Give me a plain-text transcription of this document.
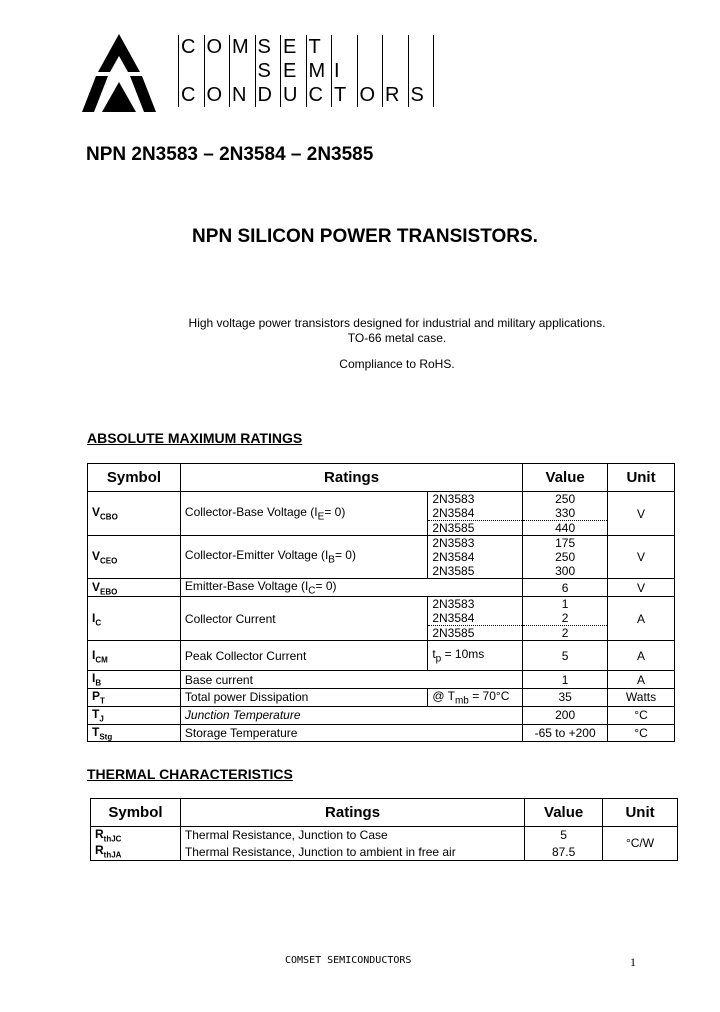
C O M S E T
S E M I
C O N D U C T O R S
NPN 2N3583 – 2N3584 – 2N3585
NPN SILICON POWER TRANSISTORS.
High voltage power transistors designed for industrial and military applications.
TO-66 metal case.
Compliance to RoHS.
ABSOLUTE MAXIMUM RATINGS
Symbol	Ratings		Value	Unit
$V_{CBO}$	Collector-Base Voltage $(I_E= 0)$	2N3583	250	V
		2N3584	330	
		2N3585	440	
$V_{CEO}$	Collector-Emitter Voltage $(I_B= 0)$	2N3583	175	V
		2N3584	250	
		2N3585	300	
$V_{EBO}$	Emitter-Base Voltage $(I_C= 0)$		6	V
$I_C$	Collector Current	2N3583	1	A
		2N3584	2	
		2N3585	2	
$I_{CM}$	Peak Collector Current	$t_p = 10ms$	5	A
$I_B$	Base current		1	A
$P_T$	Total power Dissipation	@ $T_{mb} = 70^\circ C$	35	Watts
$T_J$	Junction Temperature		200	°C
$T_{Stg}$	Storage Temperature		-65 to +200	°C
THERMAL CHARACTERISTICS
Symbol	Ratings	Value	Unit
$R_{thJC}$	Thermal Resistance, Junction to Case	5	°C/W
$R_{thJA}$	Thermal Resistance, Junction to ambient in free air	87.5	
COMSET SEMICONDUCTORS	1
